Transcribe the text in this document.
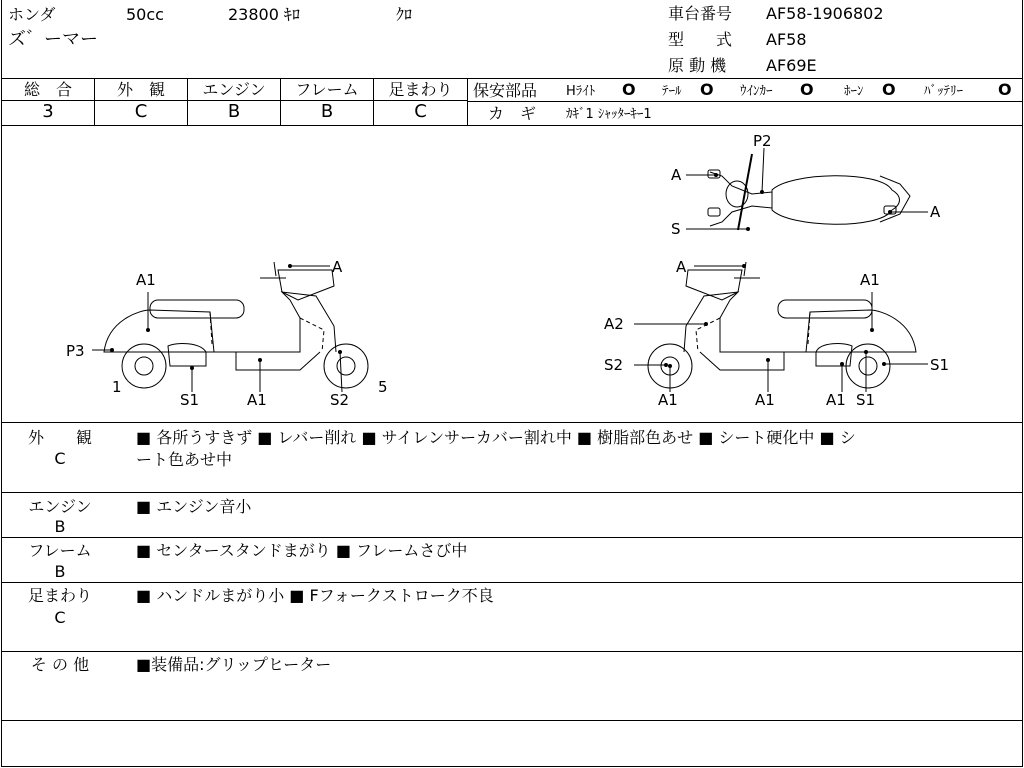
ホンダ	50cc	23800 ｷﾛ	ｸﾛ
ズ゛ーマー
車台番号 AF58-1906802
型　　式 AF58
原 動 機 AF69E
総　合	外　観	エンジン	フレーム	足まわり
3	C	B	B	C
保安部品 Hﾗｲﾄ O ﾃｰﾙ O ｳｲﾝｶｰ O ﾎｰﾝ O ﾊﾞｯﾃﾘｰ O
カ　ギ ｶｷﾞ1 ｼｬｯﾀｰｷｰ1
P2
A
A
S
A
A1
P3
1
S1	A1	S2
5
A
A1
A2
S2	S1
A1	A1	A1 S1
外　　観
C
■ 各所うすきず ■ レバー削れ ■ サイレンサーカバー割れ中 ■ 樹脂部色あせ ■ シート硬化中 ■ シ
ート色あせ中
エンジン
B
■ エンジン音小
フレーム
B
■ センタースタンドまがり ■ フレームさび中
足まわり
C
■ ハンドルまがり小 ■ Fフォークストローク不良
そ の 他	■装備品:グリップヒーター
